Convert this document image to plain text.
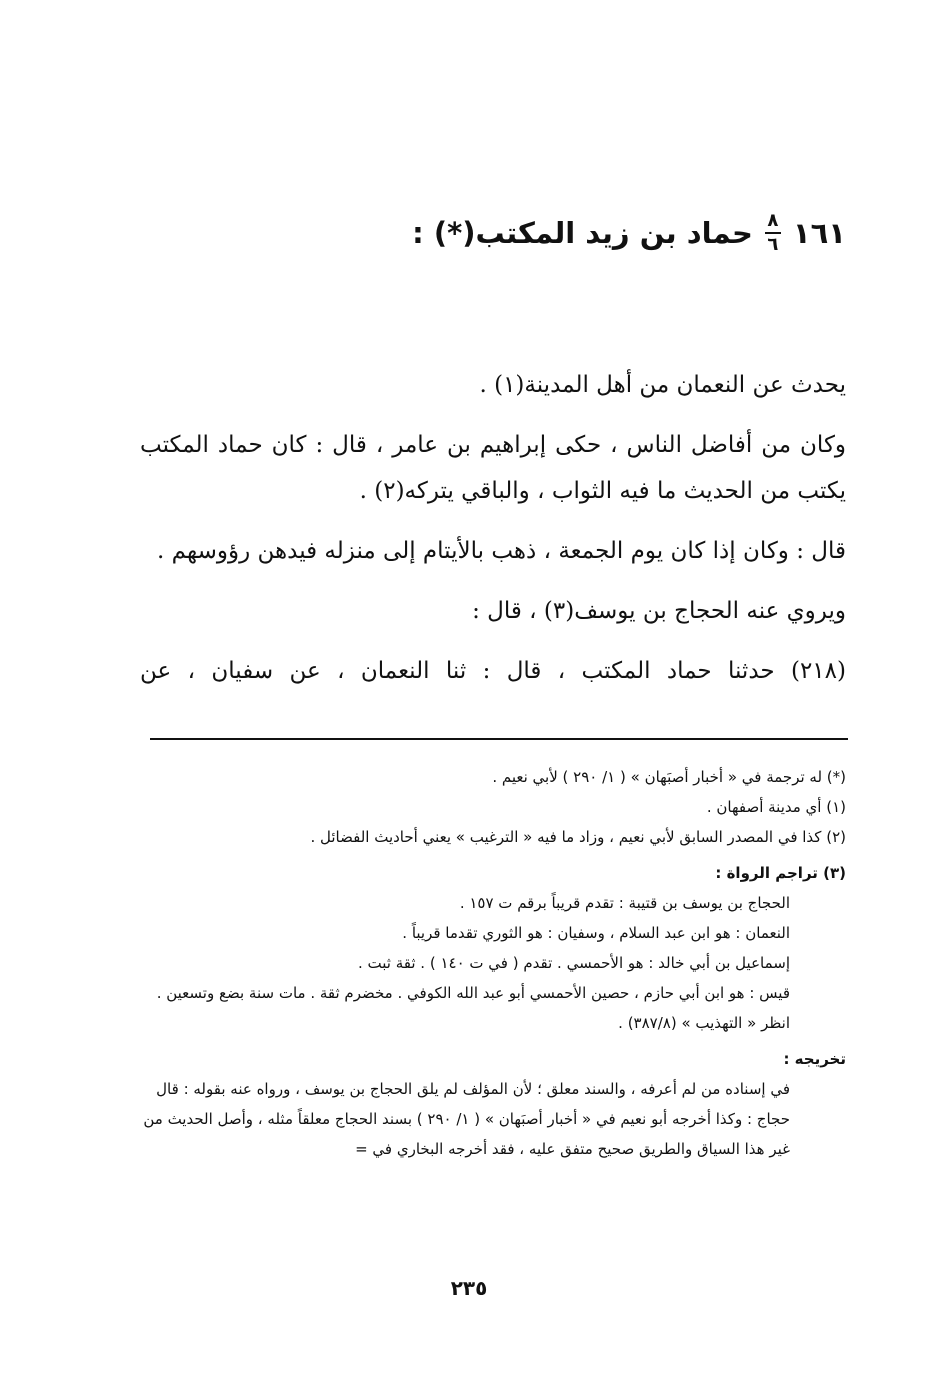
١٦١
$\frac{٨}{٦}$
حماد بن زيد المكتب(*) :

يحدث عن النعمان من أهل المدينة(١) .

وكان من أفاضل الناس ، حكى إبراهيم بن عامر ، قال : كان حماد المكتب يكتب من الحديث ما فيه الثواب ، والباقي يتركه(٢) .

قال : وكان إذا كان يوم الجمعة ، ذهب بالأيتام إلى منزله فيدهن رؤوسهم .

ويروي عنه الحجاج بن يوسف(٣) ، قال :

(٢١٨) حدثنا حماد المكتب ، قال : ثنا النعمان ، عن سفيان ، عن

(*) له ترجمة في « أخبار أصبَهان » ( ١/ ٢٩٠ ) لأبي نعيم .

(١) أي مدينة أصفهان .

(٢) كذا في المصدر السابق لأبي نعيم ، وزاد ما فيه « الترغيب » يعني أحاديث الفضائل .

(٣) تراجم الرواة :

الحجاج بن يوسف بن قتيبة : تقدم قريباً برقم ت ١٥٧ .

النعمان : هو ابن عبد السلام ، وسفيان : هو الثوري تقدما قريباً .

إسماعيل بن أبي خالد : هو الأحمسي . تقدم ( في ت ١٤٠ ) . ثقة ثبت .

قيس : هو ابن أبي حازم ، حصين الأحمسي أبو عبد الله الكوفي . مخضرم ثقة . مات سنة بضع وتسعين . انظر « التهذيب » (٣٨٧/٨) .

تخريجه :

في إسناده من لم أعرفه ، والسند معلق ؛ لأن المؤلف لم يلق الحجاج بن يوسف ، ورواه عنه بقوله : قال حجاج : وكذا أخرجه أبو نعيم في « أخبار أصبَهان » ( ١/ ٢٩٠ ) بسند الحجاج معلقاً مثله ، وأصل الحديث من غير هذا السياق والطريق صحيح متفق عليه ، فقد أخرجه البخاري في =

٢٣٥
